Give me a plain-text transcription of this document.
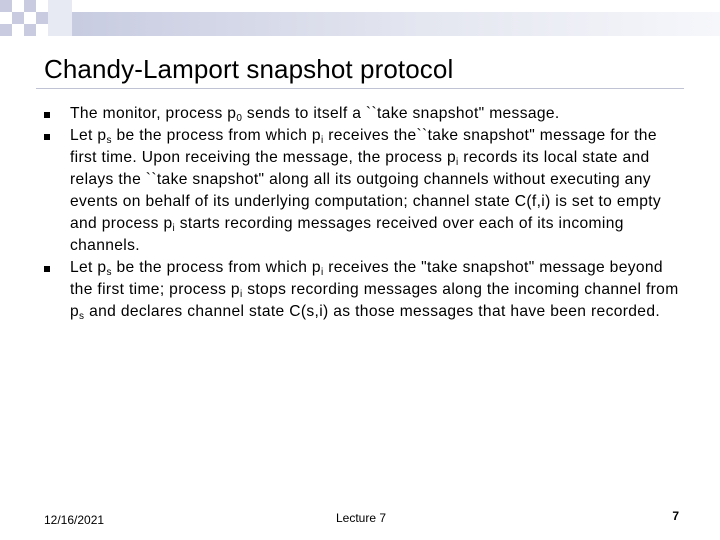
Chandy-Lamport snapshot protocol
The monitor, process $p_0$ sends to itself a ``take snapshot" message.
Let $p_s$ be the process from which $p_i$ receives the``take snapshot" message for the first time. Upon receiving the message, the process $p_i$ records its local state and relays the ``take snapshot" along all its outgoing channels without executing any events on behalf of its underlying computation; channel state C(f,i) is set to empty and process $p_i$ starts recording messages received over each of its incoming channels.
Let $p_s$ be the process from which $p_i$ receives the "take snapshot" message beyond the first time; process $p_i$ stops recording messages along the incoming channel from $p_s$ and declares channel state C(s,i) as those messages that have been recorded.
12/16/2021	Lecture 7	7
